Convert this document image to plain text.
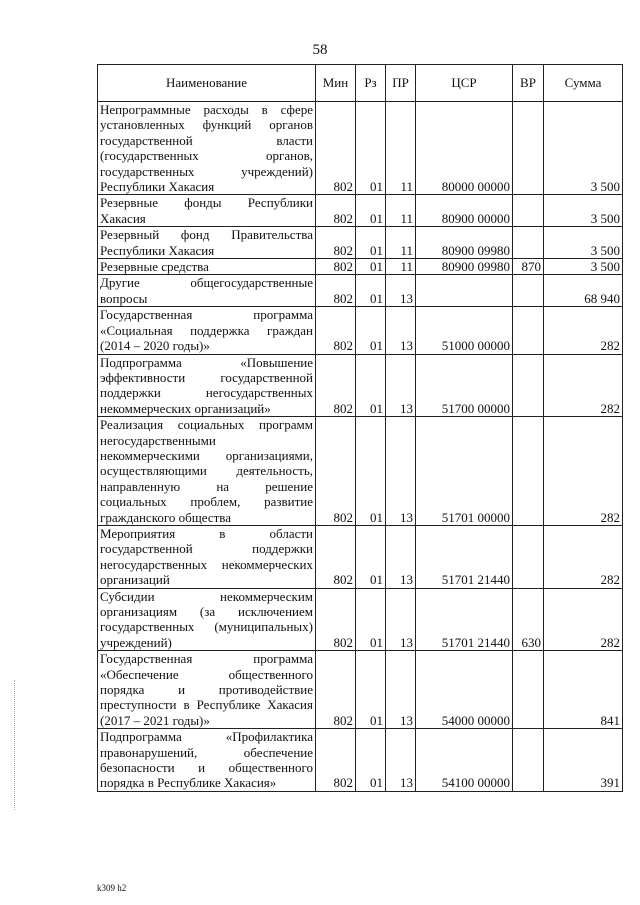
58
Наименование	Мин	Рз	ПР	ЦСР	ВР	Сумма
Непрограммные расходы в сфере установленных функций органов государственной власти (государственных органов, государственных учреждений) Республики Хакасия	802	01	11	80000 00000		3 500
Резервные фонды Республики Хакасия	802	01	11	80900 00000		3 500
Резервный фонд Правительства Республики Хакасия	802	01	11	80900 09980		3 500
Резервные средства	802	01	11	80900 09980	870	3 500
Другие общегосударственные вопросы	802	01	13			68 940
Государственная программа «Социальная поддержка граждан (2014 – 2020 годы)»	802	01	13	51000 00000		282
Подпрограмма «Повышение эффективности государственной поддержки негосударственных некоммерческих организаций»	802	01	13	51700 00000		282
Реализация социальных программ негосударственными некоммерческими организациями, осуществляющими деятельность, направленную на решение социальных проблем, развитие гражданского общества	802	01	13	51701 00000		282
Мероприятия в области государственной поддержки негосударственных некоммерческих организаций	802	01	13	51701 21440		282
Субсидии некоммерческим организациям (за исключением государственных (муниципальных) учреждений)	802	01	13	51701 21440	630	282
Государственная программа «Обеспечение общественного порядка и противодействие преступности в Республике Хакасия (2017 – 2021 годы)»	802	01	13	54000 00000		841
Подпрограмма «Профилактика правонарушений, обеспечение безопасности и общественного порядка в Республике Хакасия»	802	01	13	54100 00000		391
k309 h2
